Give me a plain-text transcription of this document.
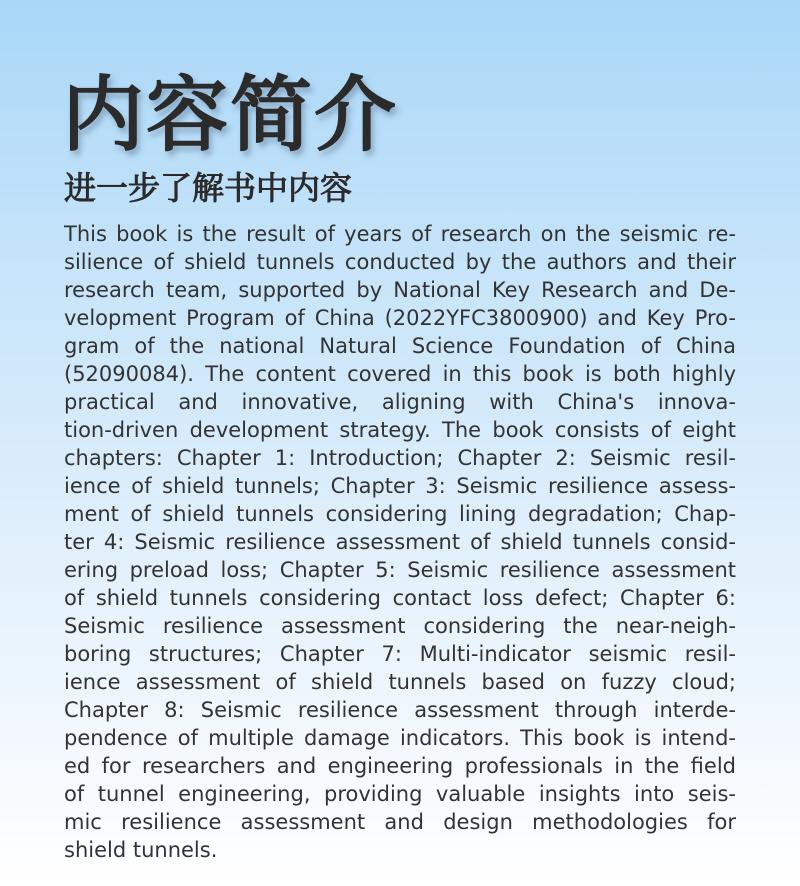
内容简介
进一步了解书中内容
This book is the result of years of research on the seismic re-
silience of shield tunnels conducted by the authors and their
research team, supported by National Key Research and De-
velopment Program of China (2022YFC3800900) and Key Pro-
gram of the national Natural Science Foundation of China
(52090084). The content covered in this book is both highly
practical and innovative, aligning with China's innova-
tion-driven development strategy. The book consists of eight
chapters: Chapter 1: Introduction; Chapter 2: Seismic resil-
ience of shield tunnels; Chapter 3: Seismic resilience assess-
ment of shield tunnels considering lining degradation; Chap-
ter 4: Seismic resilience assessment of shield tunnels consid-
ering preload loss; Chapter 5: Seismic resilience assessment
of shield tunnels considering contact loss defect; Chapter 6:
Seismic resilience assessment considering the near-neigh-
boring structures; Chapter 7: Multi-indicator seismic resil-
ience assessment of shield tunnels based on fuzzy cloud;
Chapter 8: Seismic resilience assessment through interde-
pendence of multiple damage indicators. This book is intend-
ed for researchers and engineering professionals in the field
of tunnel engineering, providing valuable insights into seis-
mic resilience assessment and design methodologies for
shield tunnels.
